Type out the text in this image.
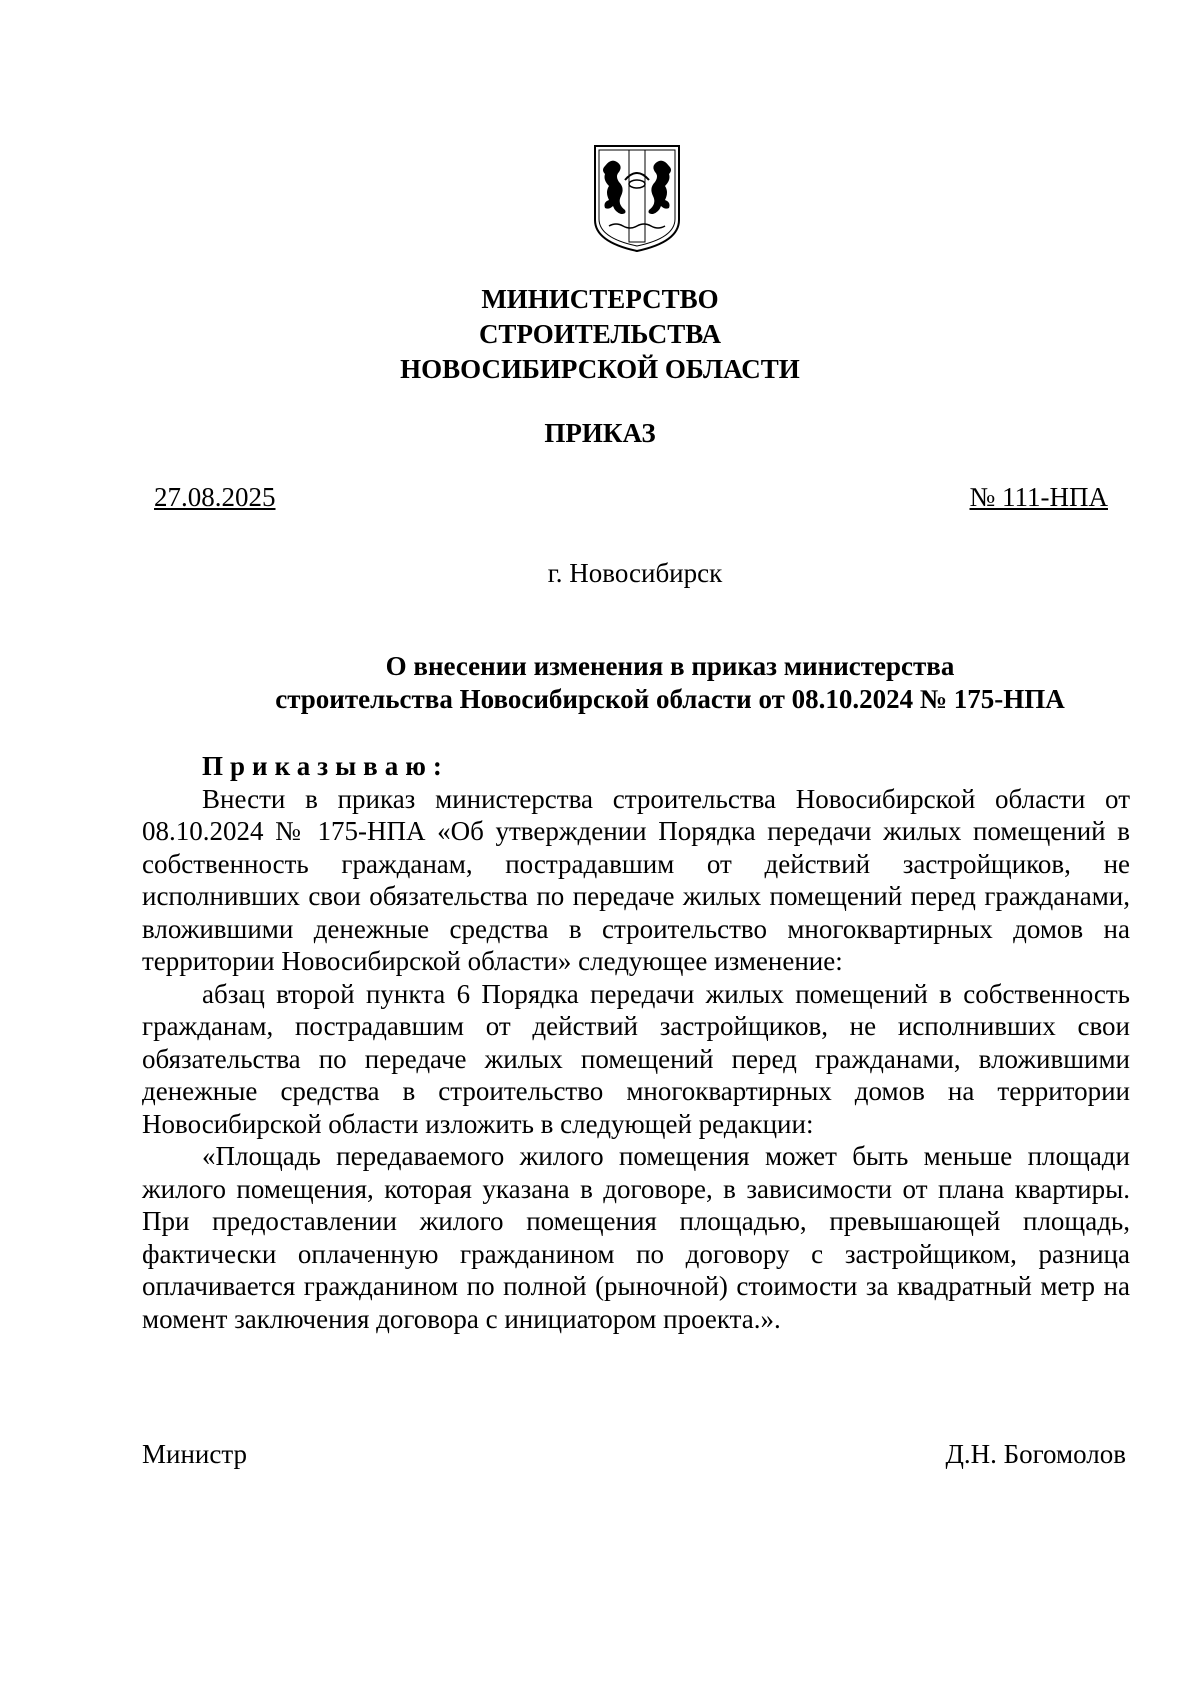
МИНИСТЕРСТВО
СТРОИТЕЛЬСТВА
НОВОСИБИРСКОЙ ОБЛАСТИ
ПРИКАЗ
27.08.2025	№ 111-НПА
г. Новосибирск
О внесении изменения в приказ министерства
строительства Новосибирской области от 08.10.2024 № 175-НПА
Приказываю:

Внести в приказ министерства строительства Новосибирской области от 08.10.2024 № 175-НПА «Об утверждении Порядка передачи жилых помещений в собственность гражданам, пострадавшим от действий застройщиков, не исполнивших свои обязательства по передаче жилых помещений перед гражданами, вложившими денежные средства в строительство многоквартирных домов на территории Новосибирской области» следующее изменение:

абзац второй пункта 6 Порядка передачи жилых помещений в собственность гражданам, пострадавшим от действий застройщиков, не исполнивших свои обязательства по передаче жилых помещений перед гражданами, вложившими денежные средства в строительство многоквартирных домов на территории Новосибирской области изложить в следующей редакции:

«Площадь передаваемого жилого помещения может быть меньше площади жилого помещения, которая указана в договоре, в зависимости от плана квартиры. При предоставлении жилого помещения площадью, превышающей площадь, фактически оплаченную гражданином по договору с застройщиком, разница оплачивается гражданином по полной (рыночной) стоимости за квадратный метр на момент заключения договора с инициатором проекта.».

Министр	Д.Н. Богомолов
